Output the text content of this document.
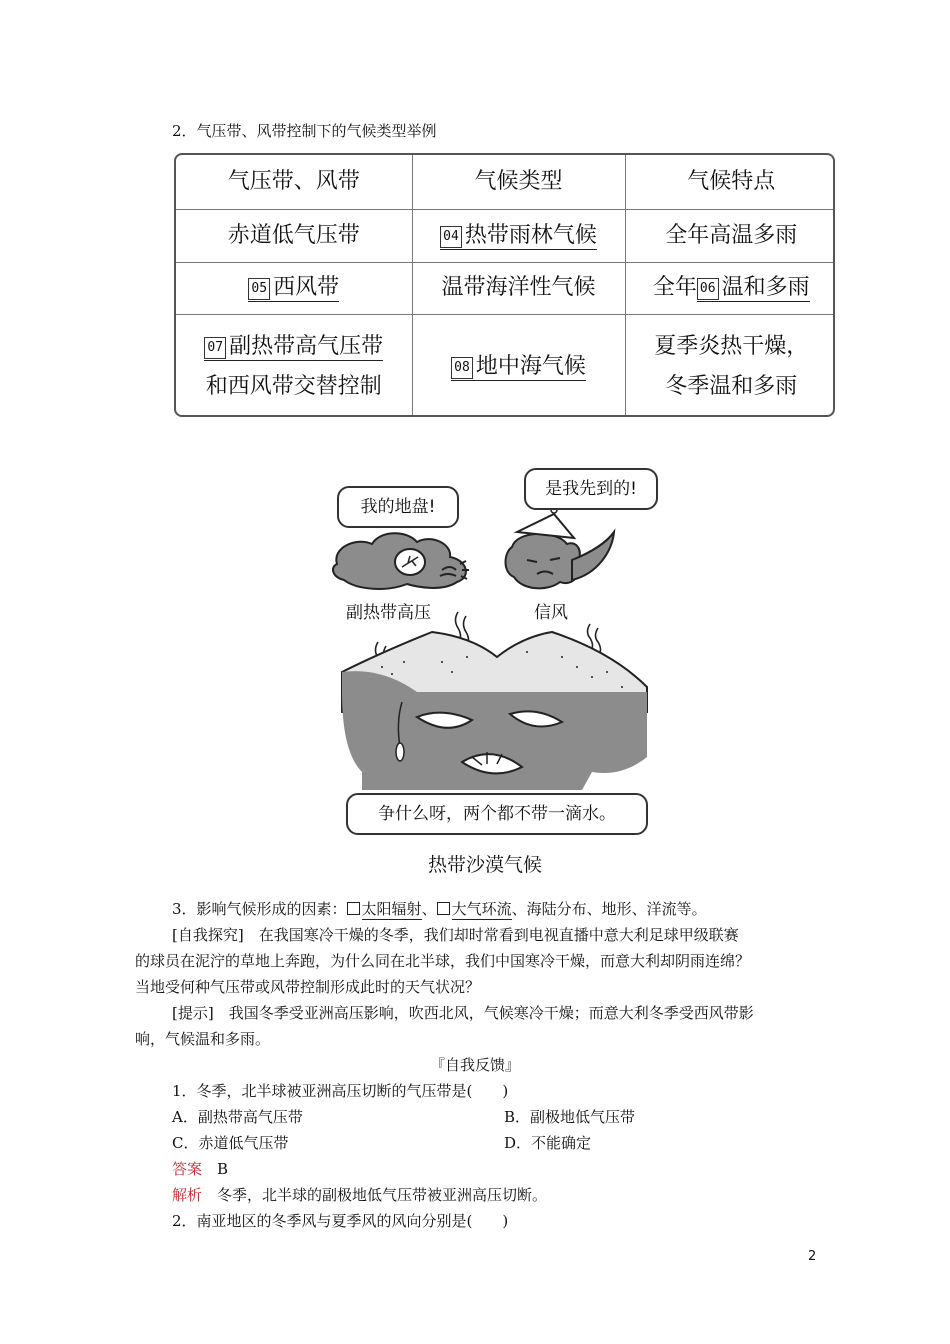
2．气压带、风带控制下的气候类型举例
气压带、风带	气候类型	气候特点
赤道低气压带	04 热带雨林气候	全年高温多雨
05 西风带	温带海洋性气候	全年 06 温和多雨
07 副热带高气压带
和西风带交替控制	08 地中海气候	夏季炎热干燥，
冬季温和多雨
我的地盘!
是我先到的!
副热带高压	信风
争什么呀，两个都不带一滴水。
热带沙漠气候
3．影响气候形成的因素： 太阳辐射、 大气环流、海陆分布、地形、洋流等。
[自我探究]　在我国寒冷干燥的冬季，我们却时常看到电视直播中意大利足球甲级联赛
的球员在泥泞的草地上奔跑，为什么同在北半球，我们中国寒冷干燥，而意大利却阴雨连绵？
当地受何种气压带或风带控制形成此时的天气状况？
[提示]　我国冬季受亚洲高压影响，吹西北风，气候寒冷干燥；而意大利冬季受西风带影
响，气候温和多雨。
『自我反馈』
1．冬季，北半球被亚洲高压切断的气压带是(　　)
A．副热带高气压带	B．副极地低气压带
C．赤道低气压带	D．不能确定
答案　 B
解析　 冬季，北半球的副极地低气压带被亚洲高压切断。
2．南亚地区的冬季风与夏季风的风向分别是(　　)
2
